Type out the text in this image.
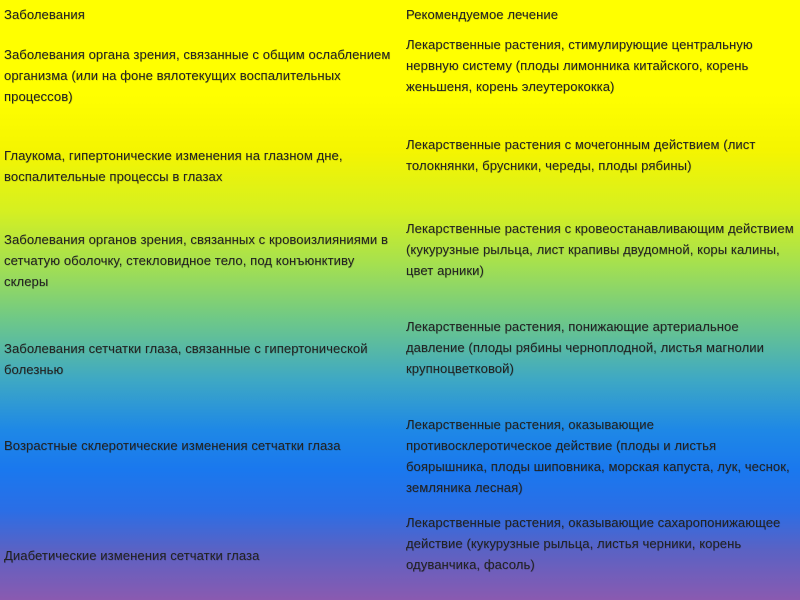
Заболевания	Рекомендуемое лечение
Заболевания органа зрения, связанные с общим ослаблением организма (или на фоне вялотекущих воспалительных процессов)
Лекарственные растения, стимулирующие центральную нервную систему (плоды лимонника китайского, корень женьшеня, корень элеутерококка)
Глаукома, гипертонические изменения на глазном дне, воспалительные процессы в глазах
Лекарственные растения с мочегонным действием (лист толокнянки, брусники, череды, плоды рябины)
Заболевания органов зрения, связанных с кровоизлияниями в сетчатую оболочку, стекловидное тело, под конъюнктиву склеры
Лекарственные растения с кровеостанавливающим действием (кукурузные рыльца, лист крапивы двудомной, коры калины, цвет арники)
Заболевания сетчатки глаза, связанные с гипертонической болезнью
Лекарственные растения, понижающие артериальное давление (плоды рябины черноплодной, листья магнолии крупноцветковой)
Возрастные склеротические изменения сетчатки глаза
Лекарственные растения, оказывающие противосклеротическое действие (плоды и листья боярышника, плоды шиповника, морская капуста, лук, чеснок, земляника лесная)
Диабетические изменения сетчатки глаза
Лекарственные растения, оказывающие сахаропонижающее действие (кукурузные рыльца, листья черники, корень одуванчика, фасоль)
